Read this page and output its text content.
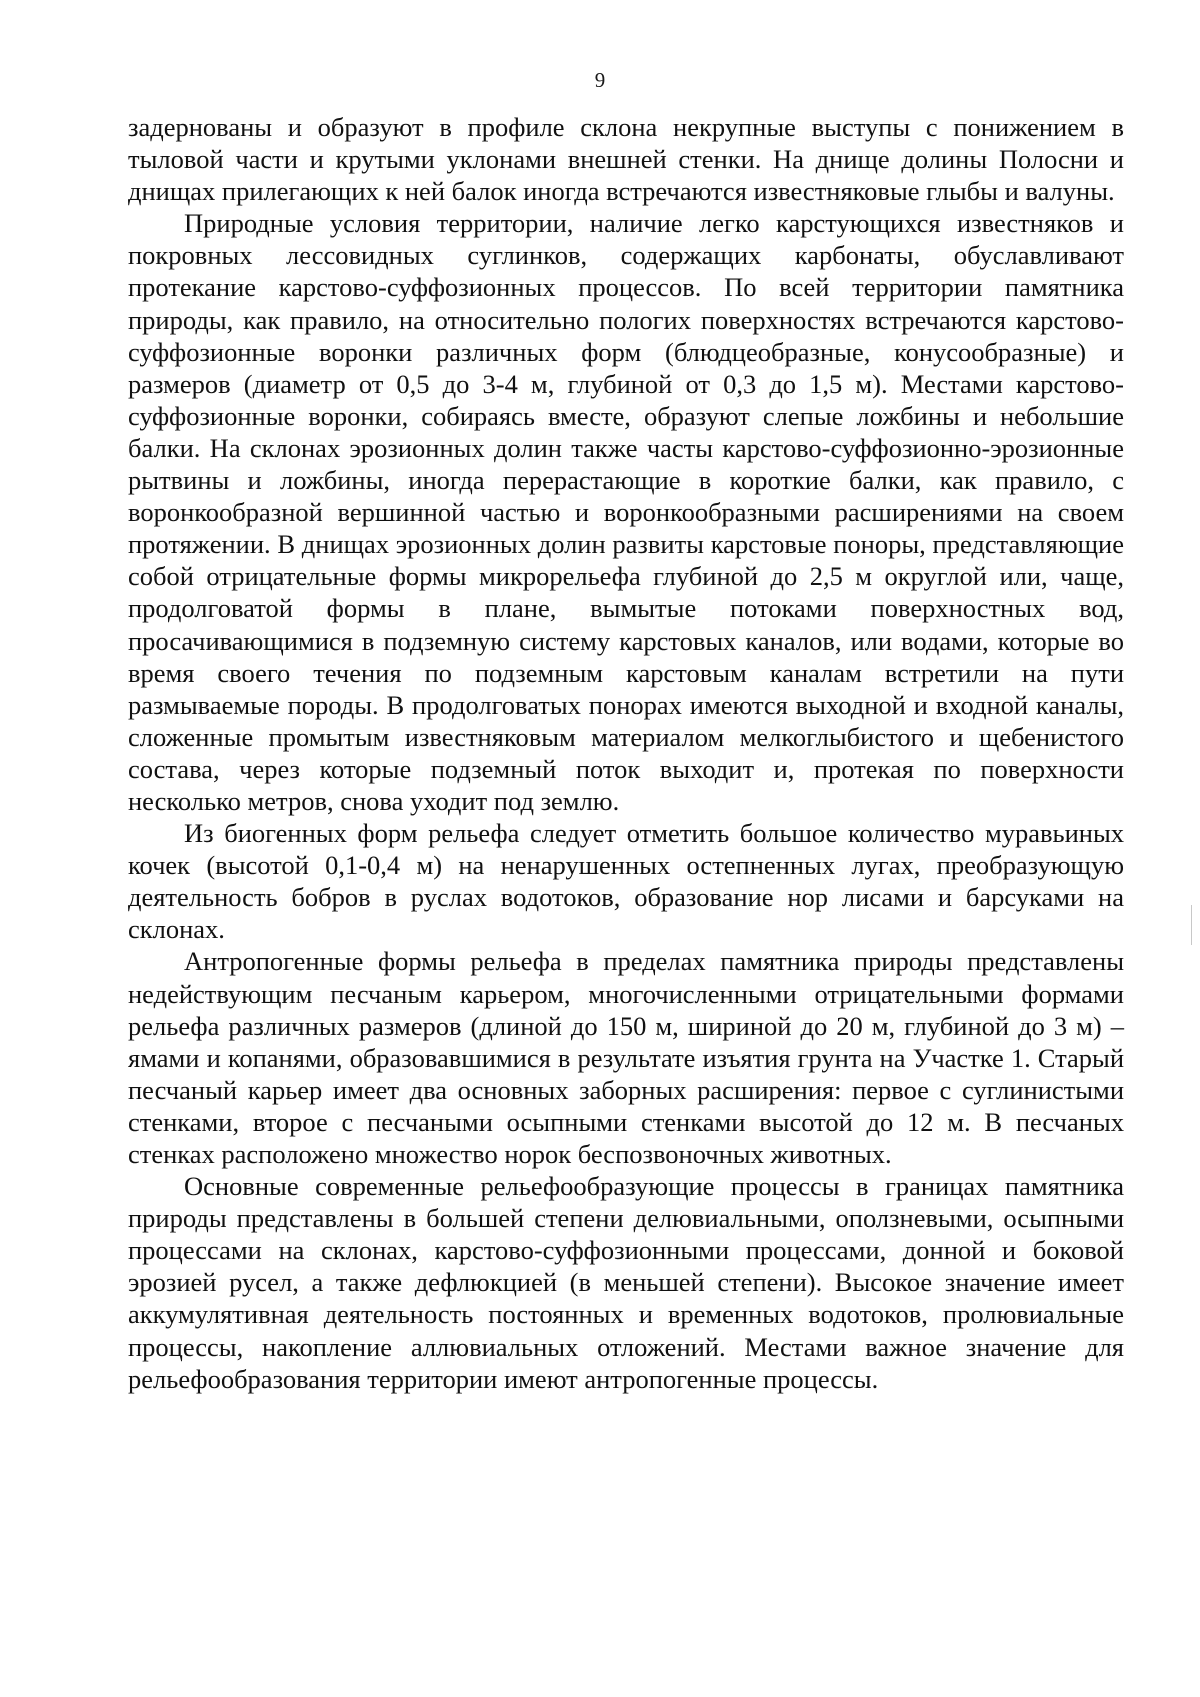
9

задернованы и образуют в профиле склона некрупные выступы с понижением в тыловой части и крутыми уклонами внешней стенки. На днище долины Полосни и днищах прилегающих к ней балок иногда встречаются известняковые глыбы и валуны.

Природные условия территории, наличие легко карстующихся известняков и покровных лессовидных суглинков, содержащих карбонаты, обуславливают протекание карстово-суффозионных процессов. По всей территории памятника природы, как правило, на относительно пологих поверхностях встречаются карстово-суффозионные воронки различных форм (блюдцеобразные, конусообразные) и размеров (диаметр от 0,5 до 3-4 м, глубиной от 0,3 до 1,5 м). Местами карстово-суффозионные воронки, собираясь вместе, образуют слепые ложбины и небольшие балки. На склонах эрозионных долин также часты карстово-суффозионно-эрозионные рытвины и ложбины, иногда перерастающие в короткие балки, как правило, с воронкообразной вершинной частью и воронкообразными расширениями на своем протяжении. В днищах эрозионных долин развиты карстовые поноры, представляющие собой отрицательные формы микрорельефа глубиной до 2,5 м округлой или, чаще, продолговатой формы в плане, вымытые потоками поверхностных вод, просачивающимися в подземную систему карстовых каналов, или водами, которые во время своего течения по подземным карстовым каналам встретили на пути размываемые породы. В продолговатых понорах имеются выходной и входной каналы, сложенные промытым известняковым материалом мелкоглыбистого и щебенистого состава, через которые подземный поток выходит и, протекая по поверхности несколько метров, снова уходит под землю.

Из биогенных форм рельефа следует отметить большое количество муравьиных кочек (высотой 0,1-0,4 м) на ненарушенных остепненных лугах, преобразующую деятельность бобров в руслах водотоков, образование нор лисами и барсуками на склонах.

Антропогенные формы рельефа в пределах памятника природы представлены недействующим песчаным карьером, многочисленными отрицательными формами рельефа различных размеров (длиной до 150 м, шириной до 20 м, глубиной до 3 м) – ямами и копанями, образовавшимися в результате изъятия грунта на Участке 1. Старый песчаный карьер имеет два основных заборных расширения: первое с суглинистыми стенками, второе с песчаными осыпными стенками высотой до 12 м. В песчаных стенках расположено множество норок беспозвоночных животных.

Основные современные рельефообразующие процессы в границах памятника природы представлены в большей степени делювиальными, оползневыми, осыпными процессами на склонах, карстово-суффозионными процессами, донной и боковой эрозией русел, а также дефлюкцией (в меньшей степени). Высокое значение имеет аккумулятивная деятельность постоянных и временных водотоков, пролювиальные процессы, накопление аллювиальных отложений. Местами важное значение для рельефообразования территории имеют антропогенные процессы.
